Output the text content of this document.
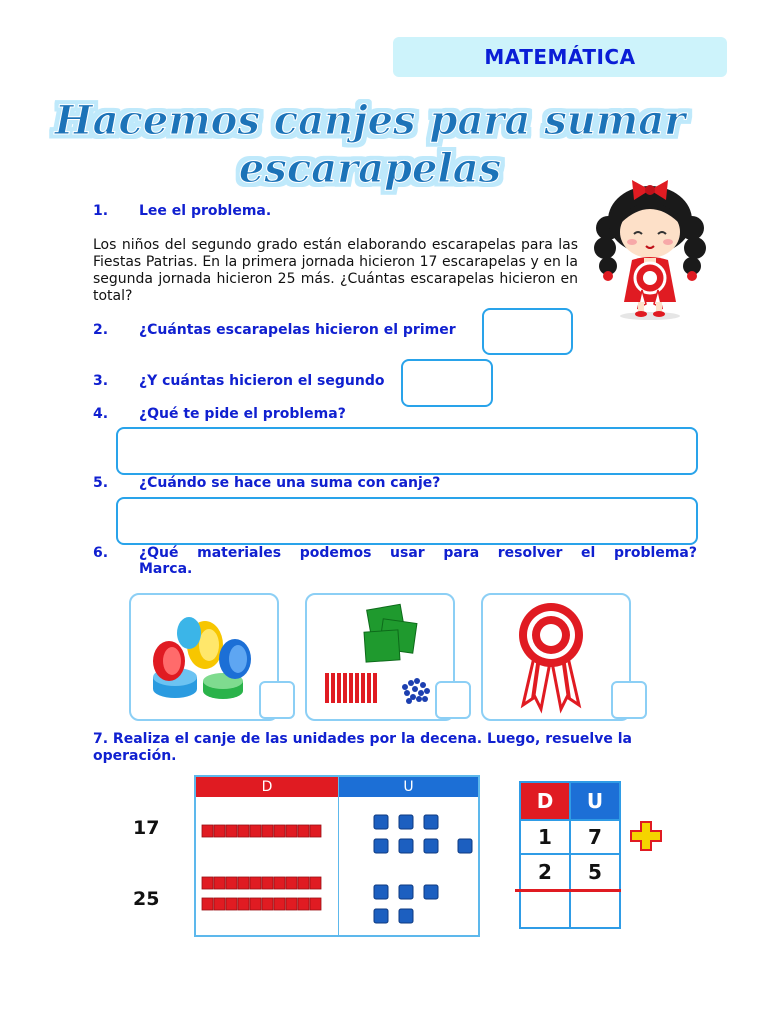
MATEMÁTICA
Hacemos canjes para sumar
escarapelas
1. Lee el problema.
Los niños del segundo grado están elaborando escarapelas para las Fiestas Patrias. En la primera jornada hicieron 17 escarapelas y en la segunda jornada hicieron 25 más. ¿Cuántas escarapelas hicieron en total?
2. ¿Cuántas escarapelas hicieron el primer
3. ¿Y cuántas hicieron el segundo
4. ¿Qué te pide el problema?
5. ¿Cuándo se hace una suma con canje?
6. ¿Qué materiales podemos usar para resolver el problema?
Marca.
7. Realiza el canje de las unidades por la decena. Luego, resuelve la operación.
17
25
D	U
D	U
1	7
2	5
